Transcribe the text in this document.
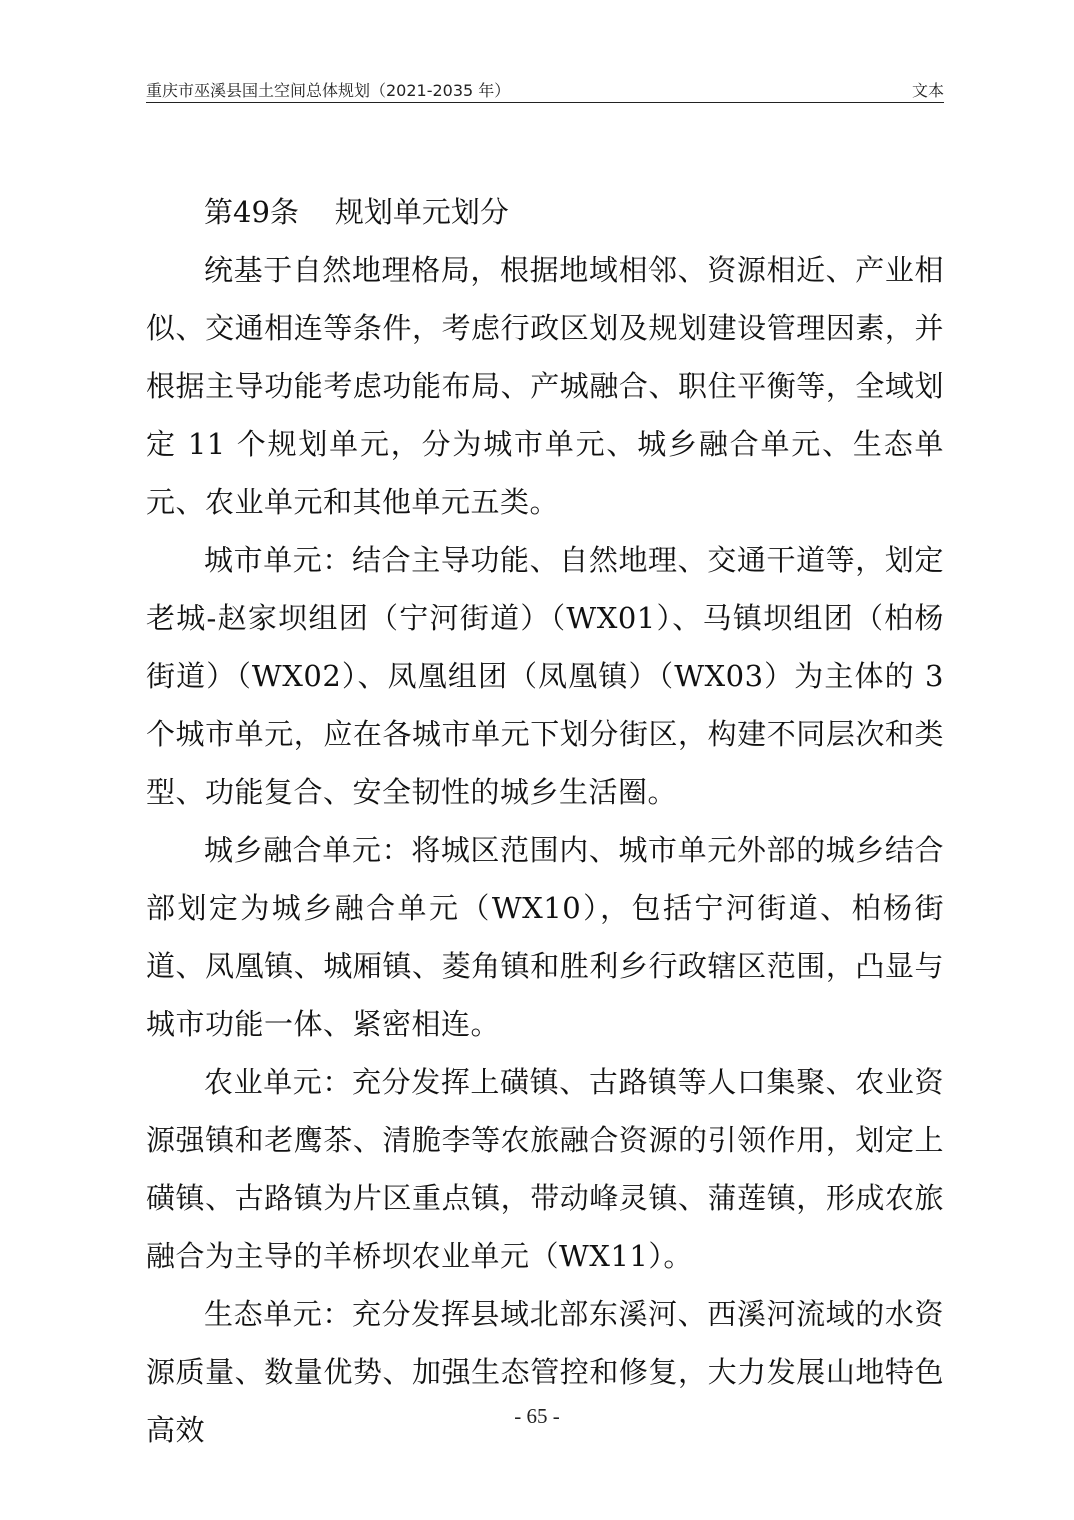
重庆市巫溪县国土空间总体规划（2021-2035 年）	文本
第49条 规划单元划分

统基于自然地理格局，根据地域相邻、资源相近、产业相似、交通相连等条件，考虑行政区划及规划建设管理因素，并根据主导功能考虑功能布局、产城融合、职住平衡等，全域划定 11 个规划单元，分为城市单元、城乡融合单元、生态单元、农业单元和其他单元五类。

城市单元：结合主导功能、自然地理、交通干道等，划定老城-赵家坝组团（宁河街道）（WX01）、马镇坝组团（柏杨街道）（WX02）、凤凰组团（凤凰镇）（WX03）为主体的 3 个城市单元，应在各城市单元下划分街区，构建不同层次和类型、功能复合、安全韧性的城乡生活圈。

城乡融合单元：将城区范围内、城市单元外部的城乡结合部划定为城乡融合单元（WX10），包括宁河街道、柏杨街道、凤凰镇、城厢镇、菱角镇和胜利乡行政辖区范围，凸显与城市功能一体、紧密相连。

农业单元：充分发挥上磺镇、古路镇等人口集聚、农业资源强镇和老鹰茶、清脆李等农旅融合资源的引领作用，划定上磺镇、古路镇为片区重点镇，带动峰灵镇、蒲莲镇，形成农旅融合为主导的羊桥坝农业单元（WX11）。

生态单元：充分发挥县域北部东溪河、西溪河流域的水资源质量、数量优势、加强生态管控和修复，大力发展山地特色高效	- 65 -
